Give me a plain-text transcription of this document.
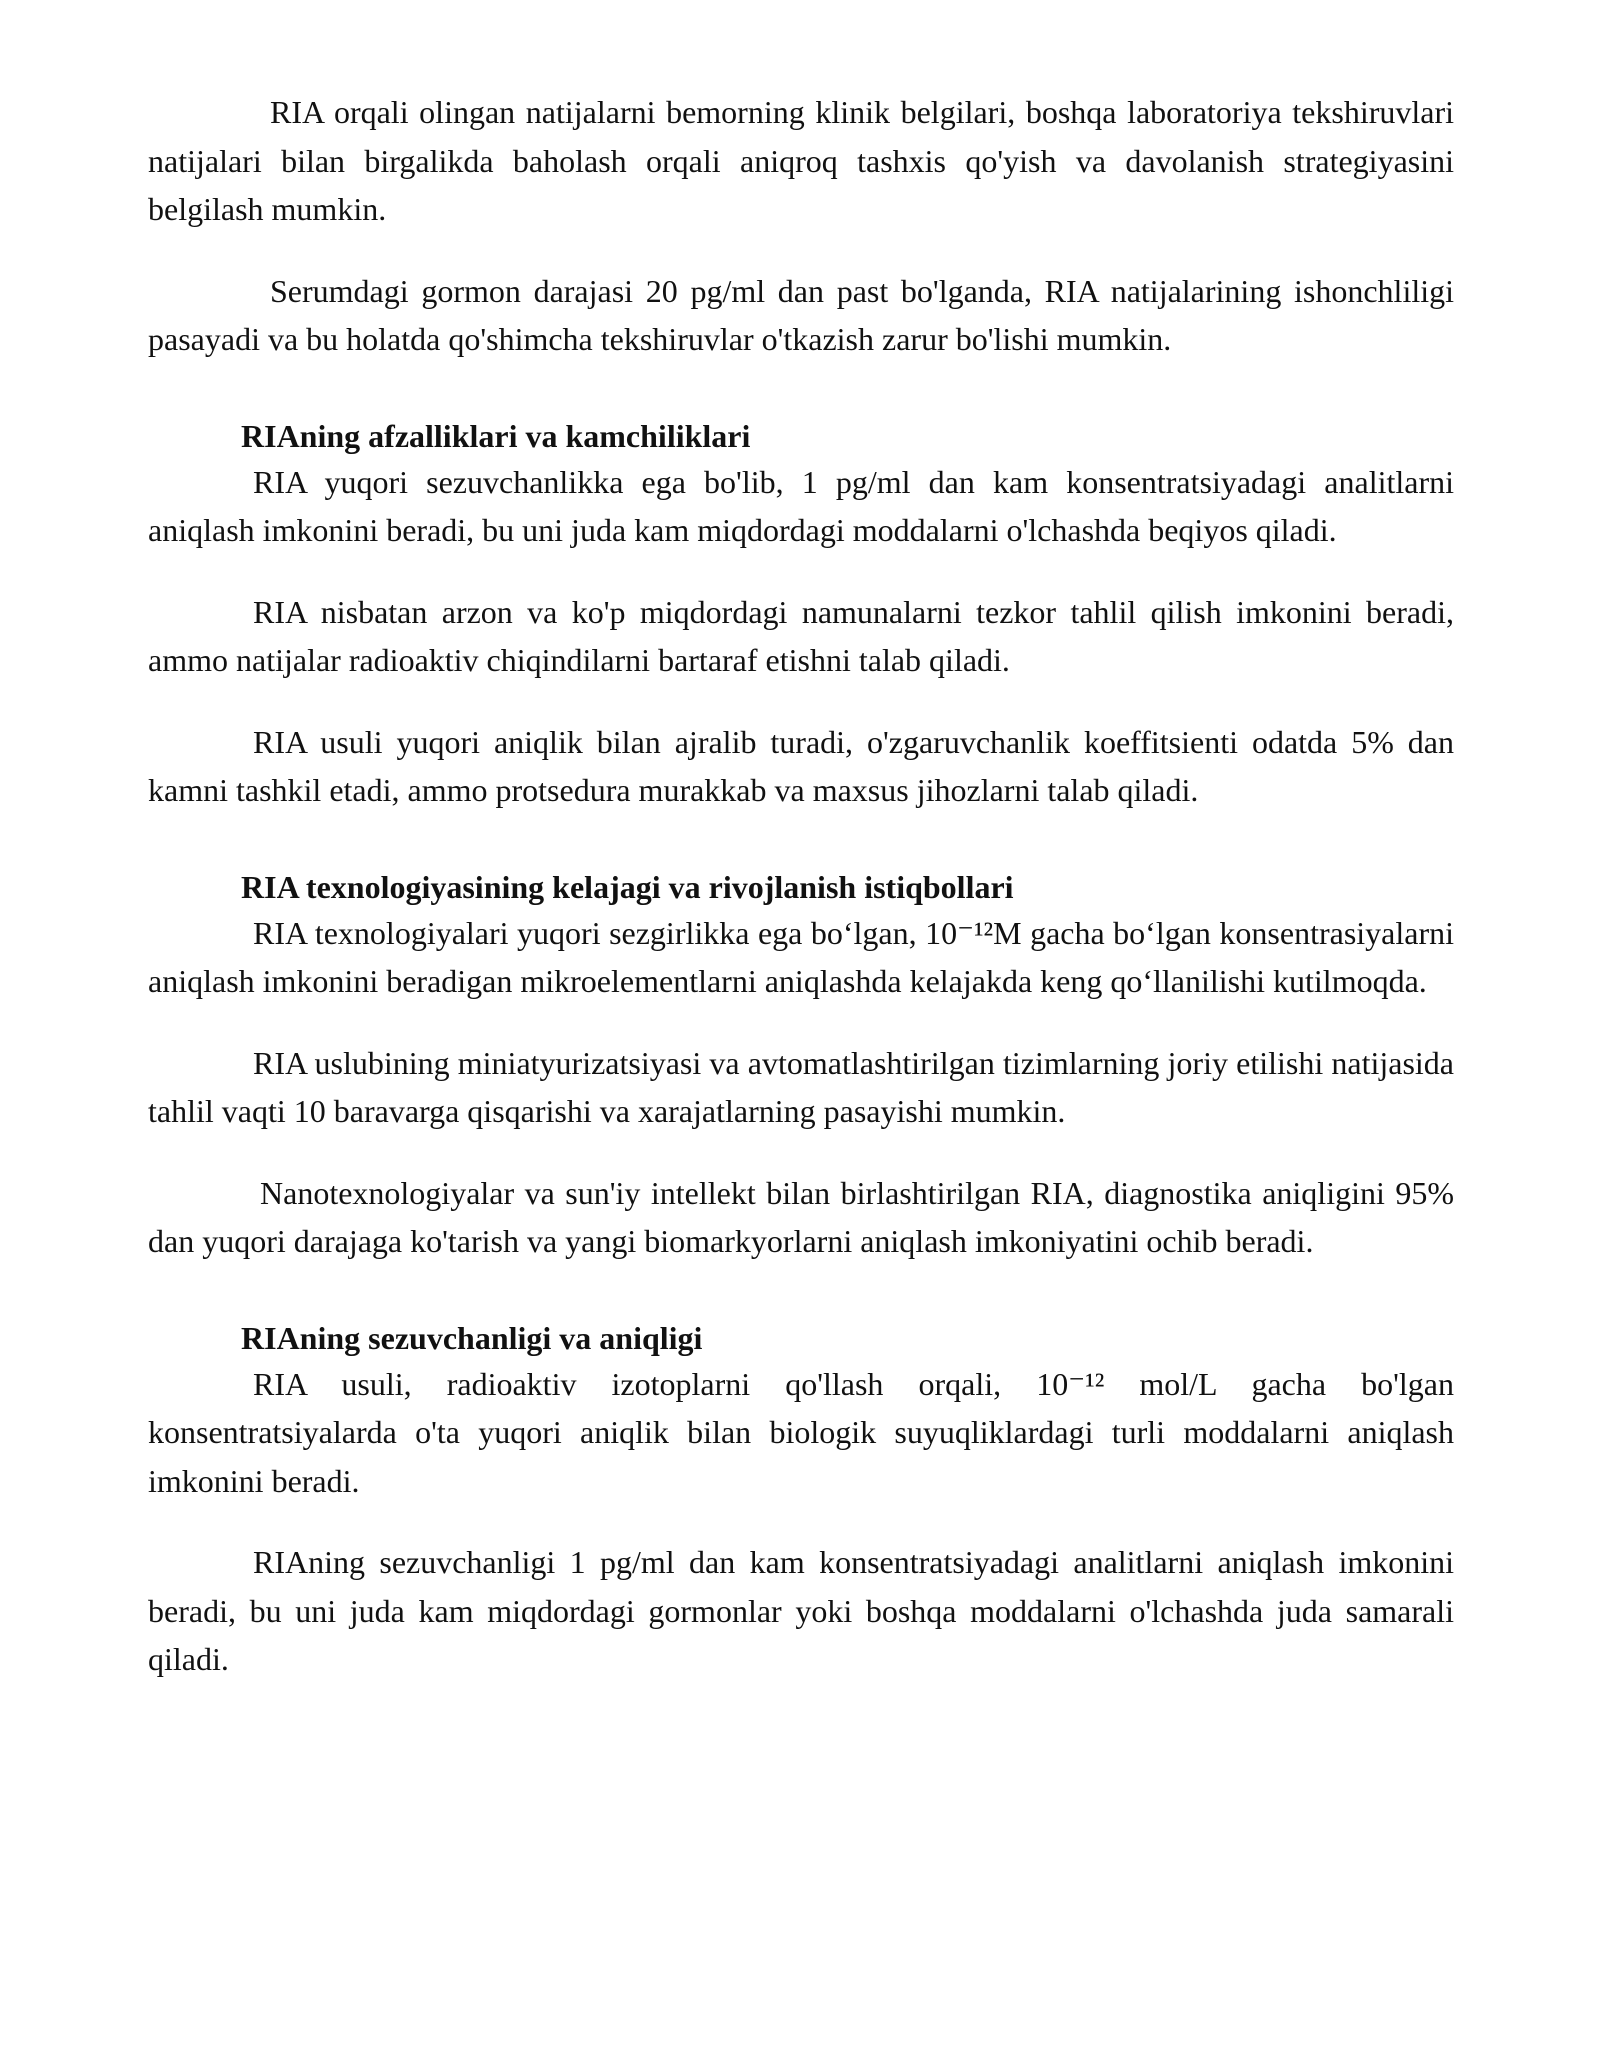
RIA orqali olingan natijalarni bemorning klinik belgilari, boshqa laboratoriya tekshiruvlari natijalari bilan birgalikda baholash orqali aniqroq tashxis qo'yish va davolanish strategiyasini belgilash mumkin.

Serumdagi gormon darajasi 20 pg/ml dan past bo'lganda, RIA natijalarining ishonchliligi pasayadi va bu holatda qo'shimcha tekshiruvlar o'tkazish zarur bo'lishi mumkin.

RIAning afzalliklari va kamchiliklari

RIA yuqori sezuvchanlikka ega bo'lib, 1 pg/ml dan kam konsentratsiyadagi analitlarni aniqlash imkonini beradi, bu uni juda kam miqdordagi moddalarni o'lchashda beqiyos qiladi.

RIA nisbatan arzon va ko'p miqdordagi namunalarni tezkor tahlil qilish imkonini beradi, ammo natijalar radioaktiv chiqindilarni bartaraf etishni talab qiladi.

RIA usuli yuqori aniqlik bilan ajralib turadi, o'zgaruvchanlik koeffitsienti odatda 5% dan kamni tashkil etadi, ammo protsedura murakkab va maxsus jihozlarni talab qiladi.

RIA texnologiyasining kelajagi va rivojlanish istiqbollari

RIA texnologiyalari yuqori sezgirlikka ega bo‘lgan, 10⁻¹²M gacha bo‘lgan konsentrasiyalarni aniqlash imkonini beradigan mikroelementlarni aniqlashda kelajakda keng qo‘llanilishi kutilmoqda.

RIA uslubining miniatyurizatsiyasi va avtomatlashtirilgan tizimlarning joriy etilishi natijasida tahlil vaqti 10 baravarga qisqarishi va xarajatlarning pasayishi mumkin.

Nanotexnologiyalar va sun'iy intellekt bilan birlashtirilgan RIA, diagnostika aniqligini 95% dan yuqori darajaga ko'tarish va yangi biomarkyorlarni aniqlash imkoniyatini ochib beradi.

RIAning sezuvchanligi va aniqligi

RIA usuli, radioaktiv izotoplarni qo'llash orqali, 10⁻¹² mol/L gacha bo'lgan konsentratsiyalarda o'ta yuqori aniqlik bilan biologik suyuqliklardagi turli moddalarni aniqlash imkonini beradi.

RIAning sezuvchanligi 1 pg/ml dan kam konsentratsiyadagi analitlarni aniqlash imkonini beradi, bu uni juda kam miqdordagi gormonlar yoki boshqa moddalarni o'lchashda juda samarali qiladi.
